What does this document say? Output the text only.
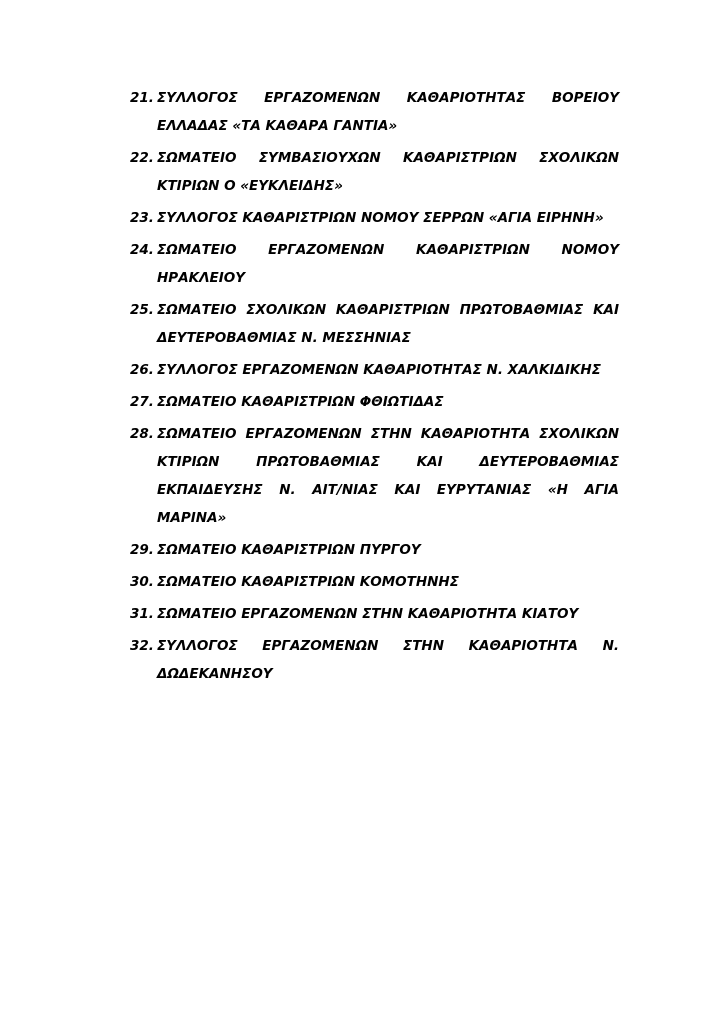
21. ΣΥΛΛΟΓΟΣ ΕΡΓΑΖΟΜΕΝΩΝ ΚΑΘΑΡΙΟΤΗΤΑΣ ΒΟΡΕΙΟΥ ΕΛΛΑΔΑΣ «ΤΑ ΚΑΘΑΡΑ ΓΑΝΤΙΑ»
22. ΣΩΜΑΤΕΙΟ ΣΥΜΒΑΣΙΟΥΧΩΝ ΚΑΘΑΡΙΣΤΡΙΩΝ ΣΧΟΛΙΚΩΝ ΚΤΙΡΙΩΝ Ο «ΕΥΚΛΕΙΔΗΣ»
23. ΣΥΛΛΟΓΟΣ ΚΑΘΑΡΙΣΤΡΙΩΝ ΝΟΜΟΥ ΣΕΡΡΩΝ «ΑΓΙΑ ΕΙΡΗΝΗ»
24. ΣΩΜΑΤΕΙΟ ΕΡΓΑΖΟΜΕΝΩΝ ΚΑΘΑΡΙΣΤΡΙΩΝ ΝΟΜΟΥ ΗΡΑΚΛΕΙΟΥ
25. ΣΩΜΑΤΕΙΟ ΣΧΟΛΙΚΩΝ ΚΑΘΑΡΙΣΤΡΙΩΝ ΠΡΩΤΟΒΑΘΜΙΑΣ ΚΑΙ ΔΕΥΤΕΡΟΒΑΘΜΙΑΣ Ν. ΜΕΣΣΗΝΙΑΣ
26. ΣΥΛΛΟΓΟΣ ΕΡΓΑΖΟΜΕΝΩΝ ΚΑΘΑΡΙΟΤΗΤΑΣ Ν. ΧΑΛΚΙΔΙΚΗΣ
27. ΣΩΜΑΤΕΙΟ ΚΑΘΑΡΙΣΤΡΙΩΝ ΦΘΙΩΤΙΔΑΣ
28. ΣΩΜΑΤΕΙΟ ΕΡΓΑΖΟΜΕΝΩΝ ΣΤΗΝ ΚΑΘΑΡΙΟΤΗΤΑ ΣΧΟΛΙΚΩΝ ΚΤΙΡΙΩΝ ΠΡΩΤΟΒΑΘΜΙΑΣ ΚΑΙ ΔΕΥΤΕΡΟΒΑΘΜΙΑΣ ΕΚΠΑΙΔΕΥΣΗΣ Ν. ΑΙΤ/ΝΙΑΣ ΚΑΙ ΕΥΡΥΤΑΝΙΑΣ «Η ΑΓΙΑ ΜΑΡΙΝΑ»
29. ΣΩΜΑΤΕΙΟ ΚΑΘΑΡΙΣΤΡΙΩΝ ΠΥΡΓΟΥ
30. ΣΩΜΑΤΕΙΟ ΚΑΘΑΡΙΣΤΡΙΩΝ ΚΟΜΟΤΗΝΗΣ
31. ΣΩΜΑΤΕΙΟ ΕΡΓΑΖΟΜΕΝΩΝ ΣΤΗΝ ΚΑΘΑΡΙΟΤΗΤΑ ΚΙΑΤΟΥ
32. ΣΥΛΛΟΓΟΣ ΕΡΓΑΖΟΜΕΝΩΝ ΣΤΗΝ ΚΑΘΑΡΙΟΤΗΤΑ Ν. ΔΩΔΕΚΑΝΗΣΟΥ
